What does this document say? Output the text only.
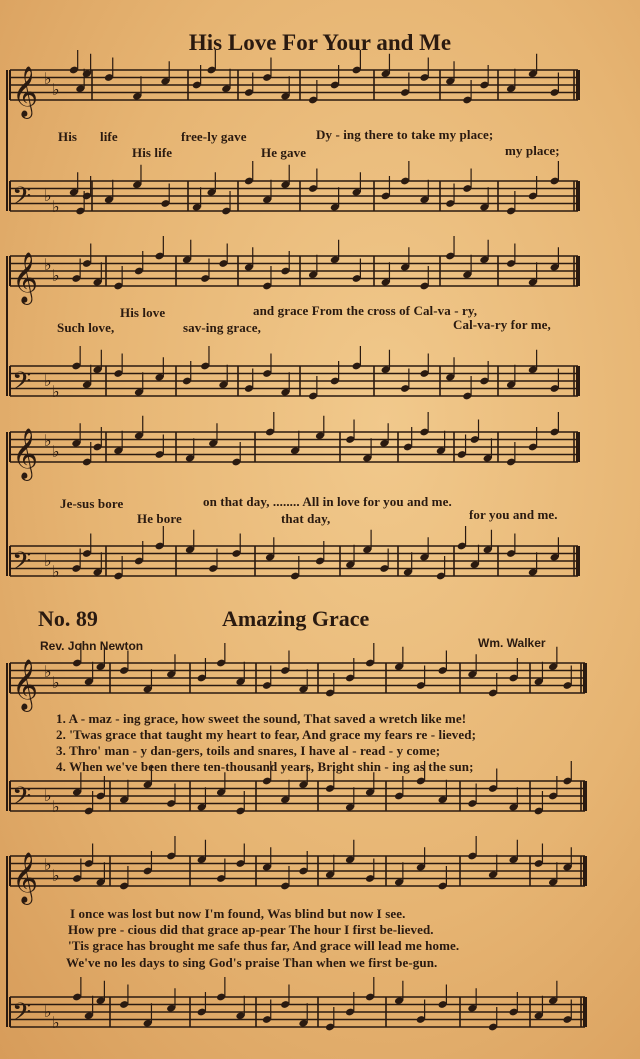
𝄞 ♭
♭
𝄢 ♭
♭
𝄞 ♭
♭
𝄢 ♭
♭
𝄞 ♭
♭
𝄢 ♭
♭
𝄞 ♭
♭
𝄢 ♭
♭
𝄞 ♭
♭
𝄢 ♭
♭
His Love For Your and Me
His life	free-ly gave	Dy - ing there to take my place;
His life	He gave	my place;
His love	and grace From the cross of Cal-va - ry,
Such love,	sav-ing grace,	Cal-va-ry for me,
Je-sus bore	on that day, ........ All in love for you and me.
He bore	that day,	for you and me.
No. 89	Amazing Grace
Rev. John Newton	Wm. Walker
1. A - maz - ing grace, how sweet the sound, That saved a wretch like me!
2. 'Twas grace that taught my heart to fear, And grace my fears re - lieved;
3. Thro' man - y dan-gers, toils and snares, I have al - read - y come;
4. When we've been there ten-thousand years, Bright shin - ing as the sun;
I once was lost but now I'm found, Was blind but now I see.
How pre - cious did that grace ap-pear The hour I first be-lieved.
'Tis grace has brought me safe thus far, And grace will lead me home.
We've no les days to sing God's praise Than when we first be-gun.
